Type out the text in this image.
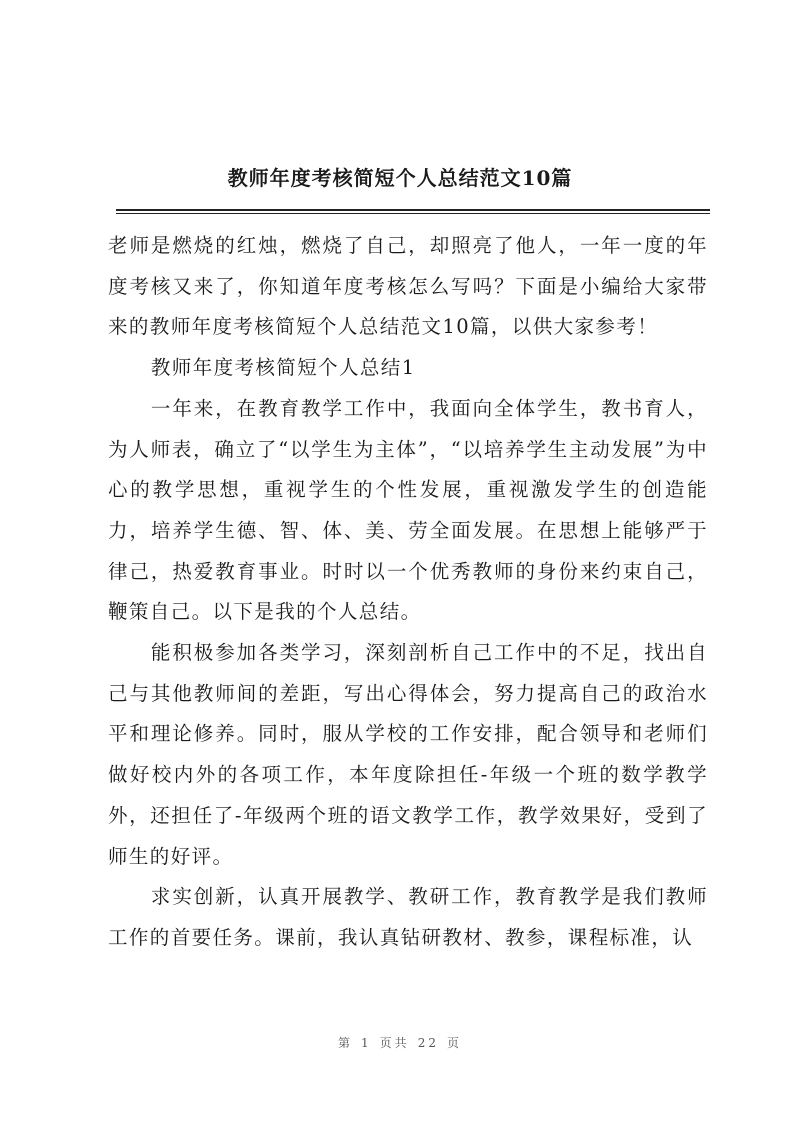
教师年度考核简短个人总结范文10篇

老师是燃烧的红烛，燃烧了自己，却照亮了他人，一年一度的年度考核又来了，你知道年度考核怎么写吗？下面是小编给大家带来的教师年度考核简短个人总结范文10篇，以供大家参考！

教师年度考核简短个人总结1

一年来，在教育教学工作中，我面向全体学生，教书育人，为人师表，确立了“以学生为主体”，“以培养学生主动发展”为中心的教学思想，重视学生的个性发展，重视激发学生的创造能力，培养学生德、智、体、美、劳全面发展。在思想上能够严于律己，热爱教育事业。时时以一个优秀教师的身份来约束自己，鞭策自己。以下是我的个人总结。

能积极参加各类学习，深刻剖析自己工作中的不足，找出自己与其他教师间的差距，写出心得体会，努力提高自己的政治水平和理论修养。同时，服从学校的工作安排，配合领导和老师们做好校内外的各项工作，本年度除担任-年级一个班的数学教学外，还担任了-年级两个班的语文教学工作，教学效果好，受到了师生的好评。

求实创新，认真开展教学、教研工作，教育教学是我们教师工作的首要任务。课前，我认真钻研教材、教参，课程标准，认

第 1 页共 22 页
